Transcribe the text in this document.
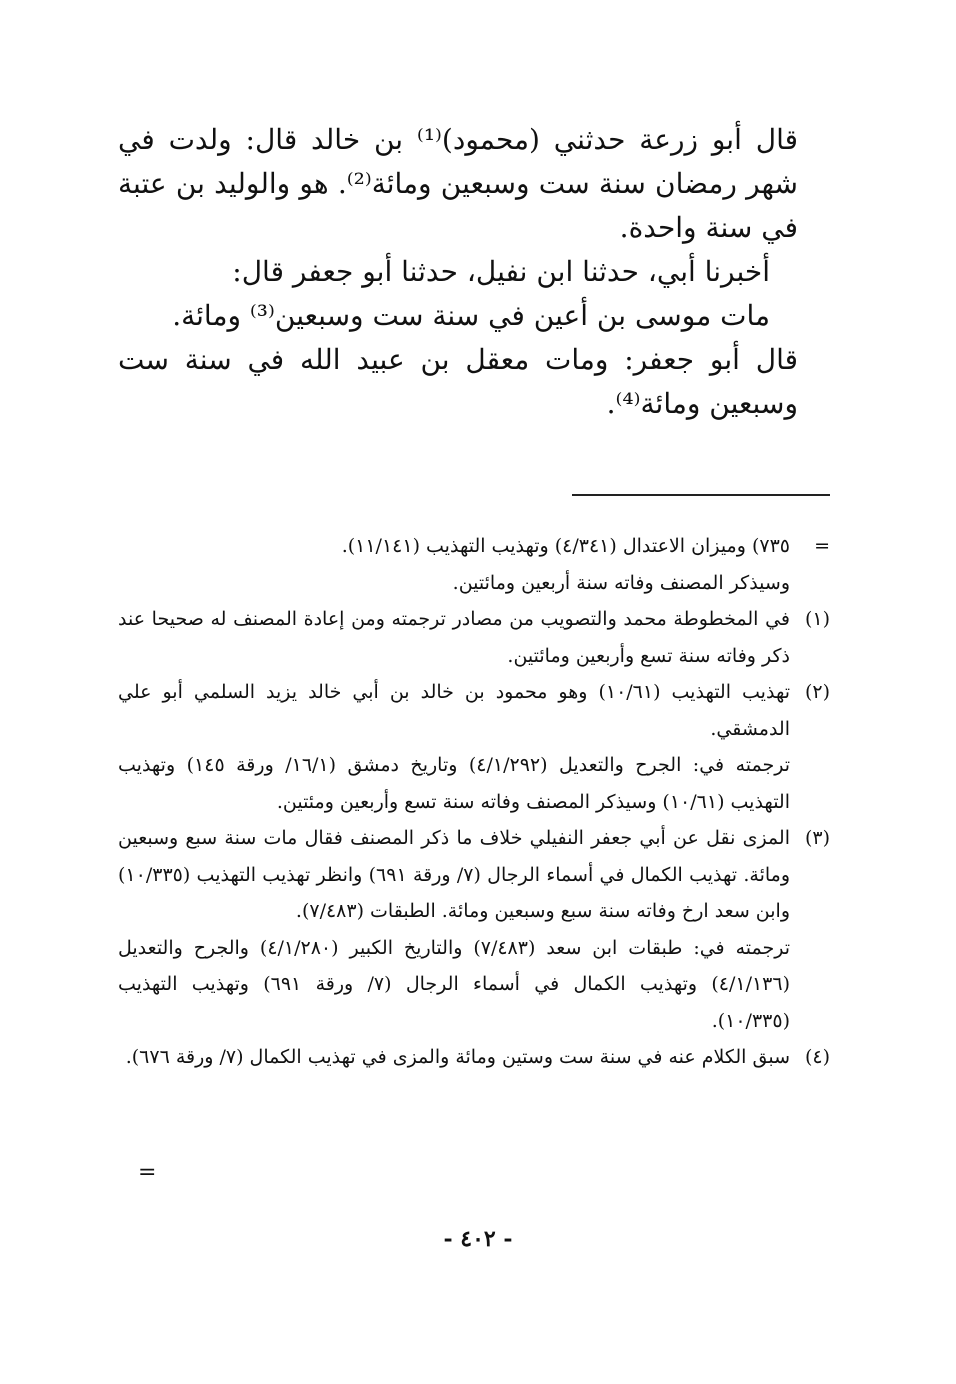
قال أبو زرعة حدثني (محمود)⁽¹⁾ بن خالد قال: ولدت في شهر رمضان سنة ست وسبعين ومائة⁽²⁾. هو والوليد بن عتبة في سنة واحدة.

أخبرنا أبي، حدثنا ابن نفيل، حدثنا أبو جعفر قال:

مات موسى بن أعين في سنة ست وسبعين⁽³⁾ ومائة.

قال أبو جعفر: ومات معقل بن عبيد الله في سنة ست وسبعين ومائة⁽⁴⁾.

=
٧٣٥) وميزان الاعتدال (٤/٣٤١) وتهذيب التهذيب (١١/١٤١).
وسيذكر المصنف وفاته سنة أربعين ومائتين.
(١)
في المخطوطة محمد والتصويب من مصادر ترجمته ومن إعادة المصنف له صحيحا عند ذكر وفاته سنة تسع وأربعين ومائتين.
(٢)
تهذيب التهذيب (١٠/٦١) وهو محمود بن خالد بن أبي خالد يزيد السلمي أبو علي الدمشقي.
ترجمته في: الجرح والتعديل (٤/١/٢٩٢) وتاريخ دمشق (١٦/١/ ورقة ١٤٥) وتهذيب التهذيب (١٠/٦١) وسيذكر المصنف وفاته سنة تسع وأربعين ومئتين.
(٣)
المزى نقل عن أبي جعفر النفيلي خلاف ما ذكر المصنف فقال مات سنة سبع وسبعين ومائة. تهذيب الكمال في أسماء الرجال (٧/ ورقة ٦٩١) وانظر تهذيب التهذيب (١٠/٣٣٥) وابن سعد ارخ وفاته سنة سبع وسبعين ومائة. الطبقات (٧/٤٨٣).
ترجمته في: طبقات ابن سعد (٧/٤٨٣) والتاريخ الكبير (٤/١/٢٨٠) والجرح والتعديل (٤/١/١٣٦) وتهذيب الكمال في أسماء الرجال (٧/ ورقة ٦٩١) وتهذيب التهذيب (١٠/٣٣٥).
(٤)
سبق الكلام عنه في سنة ست وستين ومائة والمزى في تهذيب الكمال (٧/ ورقة ٦٧٦).
=
- ٤٠٢ -
